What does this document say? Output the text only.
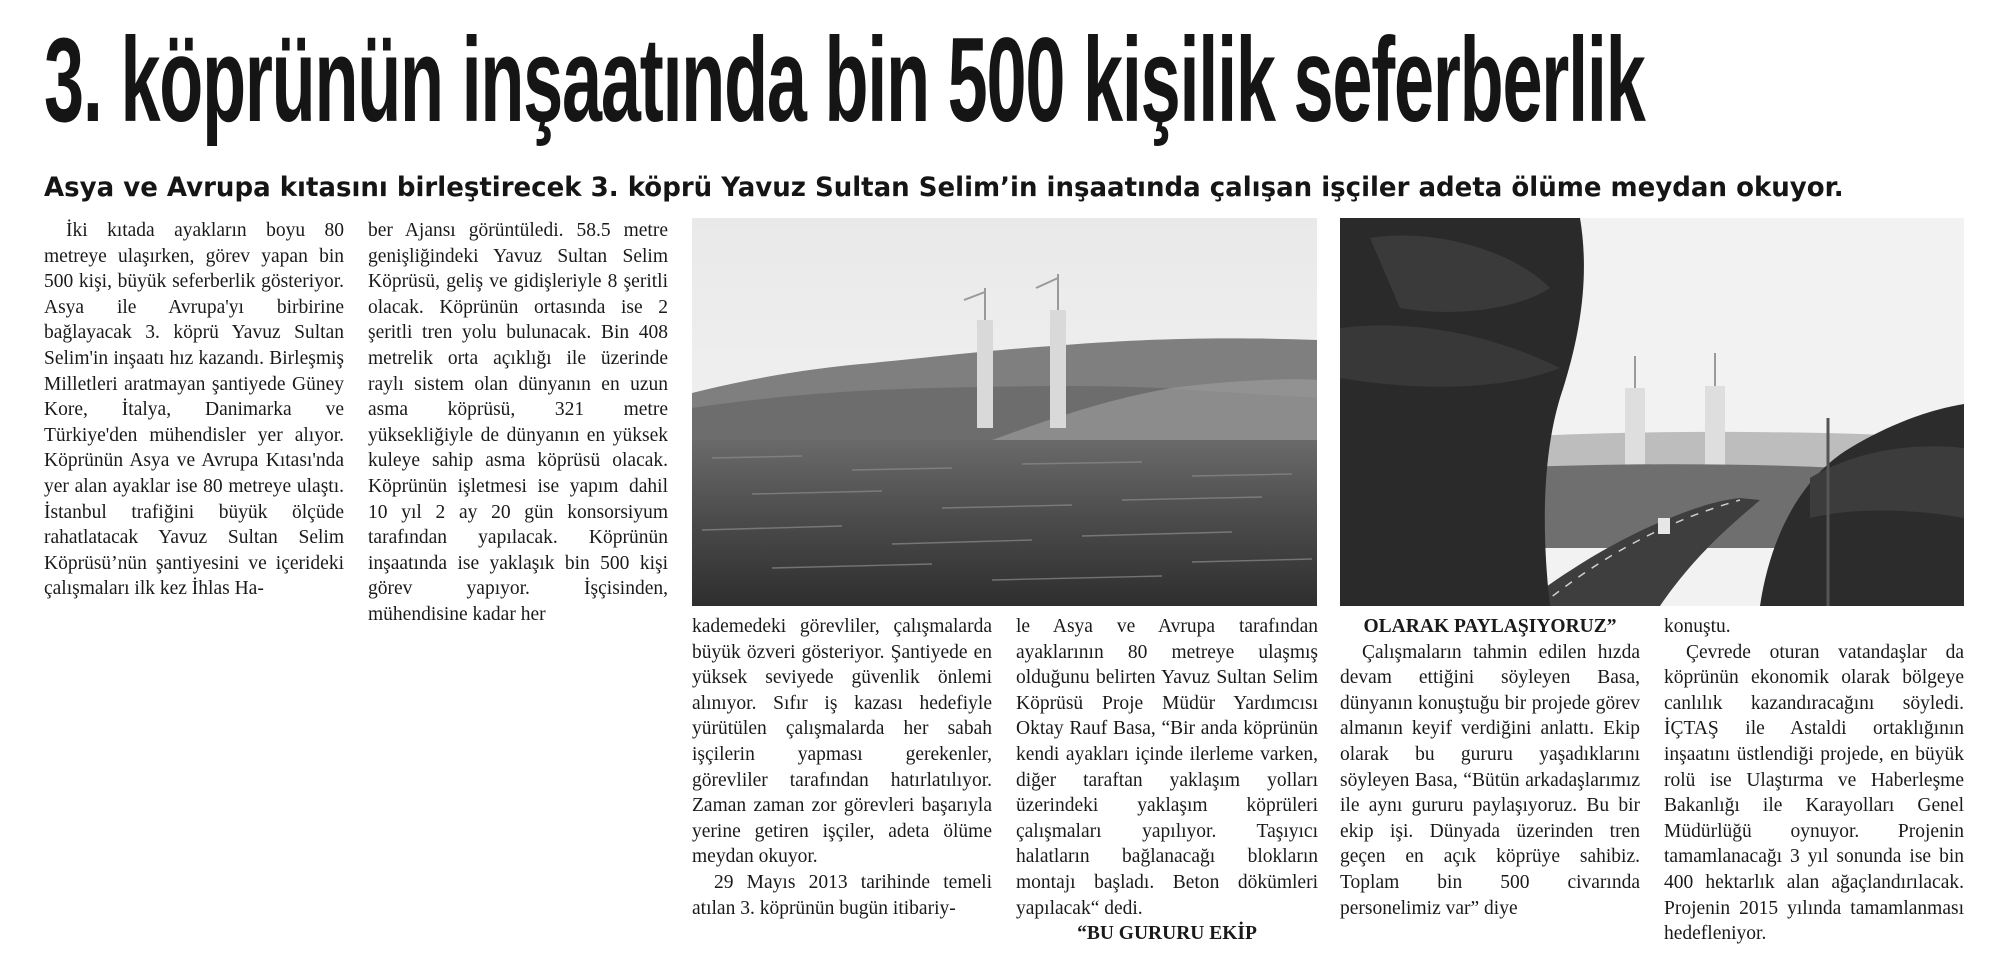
3. köprünün inşaatında bin 500 kişilik seferberlik
Asya ve Avrupa kıtasını birleştirecek 3. köprü Yavuz Sultan Selim’in inşaatında çalışan işçiler adeta ölüme meydan okuyor.

İki kıtada ayakların boyu 80 metreye ulaşırken, görev yapan bin 500 kişi, büyük seferberlik gösteriyor. Asya ile Avrupa'yı birbirine bağlayacak 3. köprü Yavuz Sultan Selim'in inşaatı hız kazandı. Birleşmiş Milletleri aratmayan şantiyede Güney Kore, İtalya, Danimarka ve Türkiye'den mühendisler yer alıyor. Köprünün Asya ve Avrupa Kıtası'nda yer alan ayaklar ise 80 metreye ulaştı. İstanbul trafiğini büyük ölçüde rahatlatacak Yavuz Sultan Selim Köprüsü’nün şantiyesini ve içerideki çalışmaları ilk kez İhlas Ha-

ber Ajansı görüntüledi. 58.5 metre genişliğindeki Yavuz Sultan Selim Köprüsü, geliş ve gidişleriyle 8 şeritli olacak. Köprünün ortasında ise 2 şeritli tren yolu bulunacak. Bin 408 metrelik orta açıklığı ile üzerinde raylı sistem olan dünyanın en uzun asma köprüsü, 321 metre yüksekliğiyle de dünyanın en yüksek kuleye sahip asma köprüsü olacak. Köprünün işletmesi ise yapım dahil 10 yıl 2 ay 20 gün konsorsiyum tarafından yapılacak. Köprünün inşaatında ise yaklaşık bin 500 kişi görev yapıyor. İşçisinden, mühendisine kadar her

kademedeki görevliler, çalışmalarda büyük özveri gösteriyor. Şantiyede en yüksek seviyede güvenlik önlemi alınıyor. Sıfır iş kazası hedefiyle yürütülen çalışmalarda her sabah işçilerin yapması gerekenler, görevliler tarafından hatırlatılıyor. Zaman zaman zor görevleri başarıyla yerine getiren işçiler, adeta ölüme meydan okuyor.

29 Mayıs 2013 tarihinde temeli atılan 3. köprünün bugün itibariy-

le Asya ve Avrupa tarafından ayaklarının 80 metreye ulaşmış olduğunu belirten Yavuz Sultan Selim Köprüsü Proje Müdür Yardımcısı Oktay Rauf Basa, “Bir anda köprünün kendi ayakları içinde ilerleme varken, diğer taraftan yaklaşım yolları üzerindeki yaklaşım köprüleri çalışmaları yapılıyor. Taşıyıcı halatların bağlanacağı blokların montajı başladı. Beton dökümleri yapılacak“ dedi.

“BU GURURU EKİP

OLARAK PAYLAŞIYORUZ”

Çalışmaların tahmin edilen hızda devam ettiğini söyleyen Basa, dünyanın konuştuğu bir projede görev almanın keyif verdiğini anlattı. Ekip olarak bu gururu yaşadıklarını söyleyen Basa, “Bütün arkadaşlarımız ile aynı gururu paylaşıyoruz. Bu bir ekip işi. Dünyada üzerinden tren geçen en açık köprüye sahibiz. Toplam bin 500 civarında personelimiz var” diye

konuştu.

Çevrede oturan vatandaşlar da köprünün ekonomik olarak bölgeye canlılık kazandıracağını söyledi. İÇTAŞ ile Astaldi ortaklığının inşaatını üstlendiği projede, en büyük rolü ise Ulaştırma ve Haberleşme Bakanlığı ile Karayolları Genel Müdürlüğü oynuyor. Projenin tamamlanacağı 3 yıl sonunda ise bin 400 hektarlık alan ağaçlandırılacak. Projenin 2015 yılında tamamlanması hedefleniyor.
